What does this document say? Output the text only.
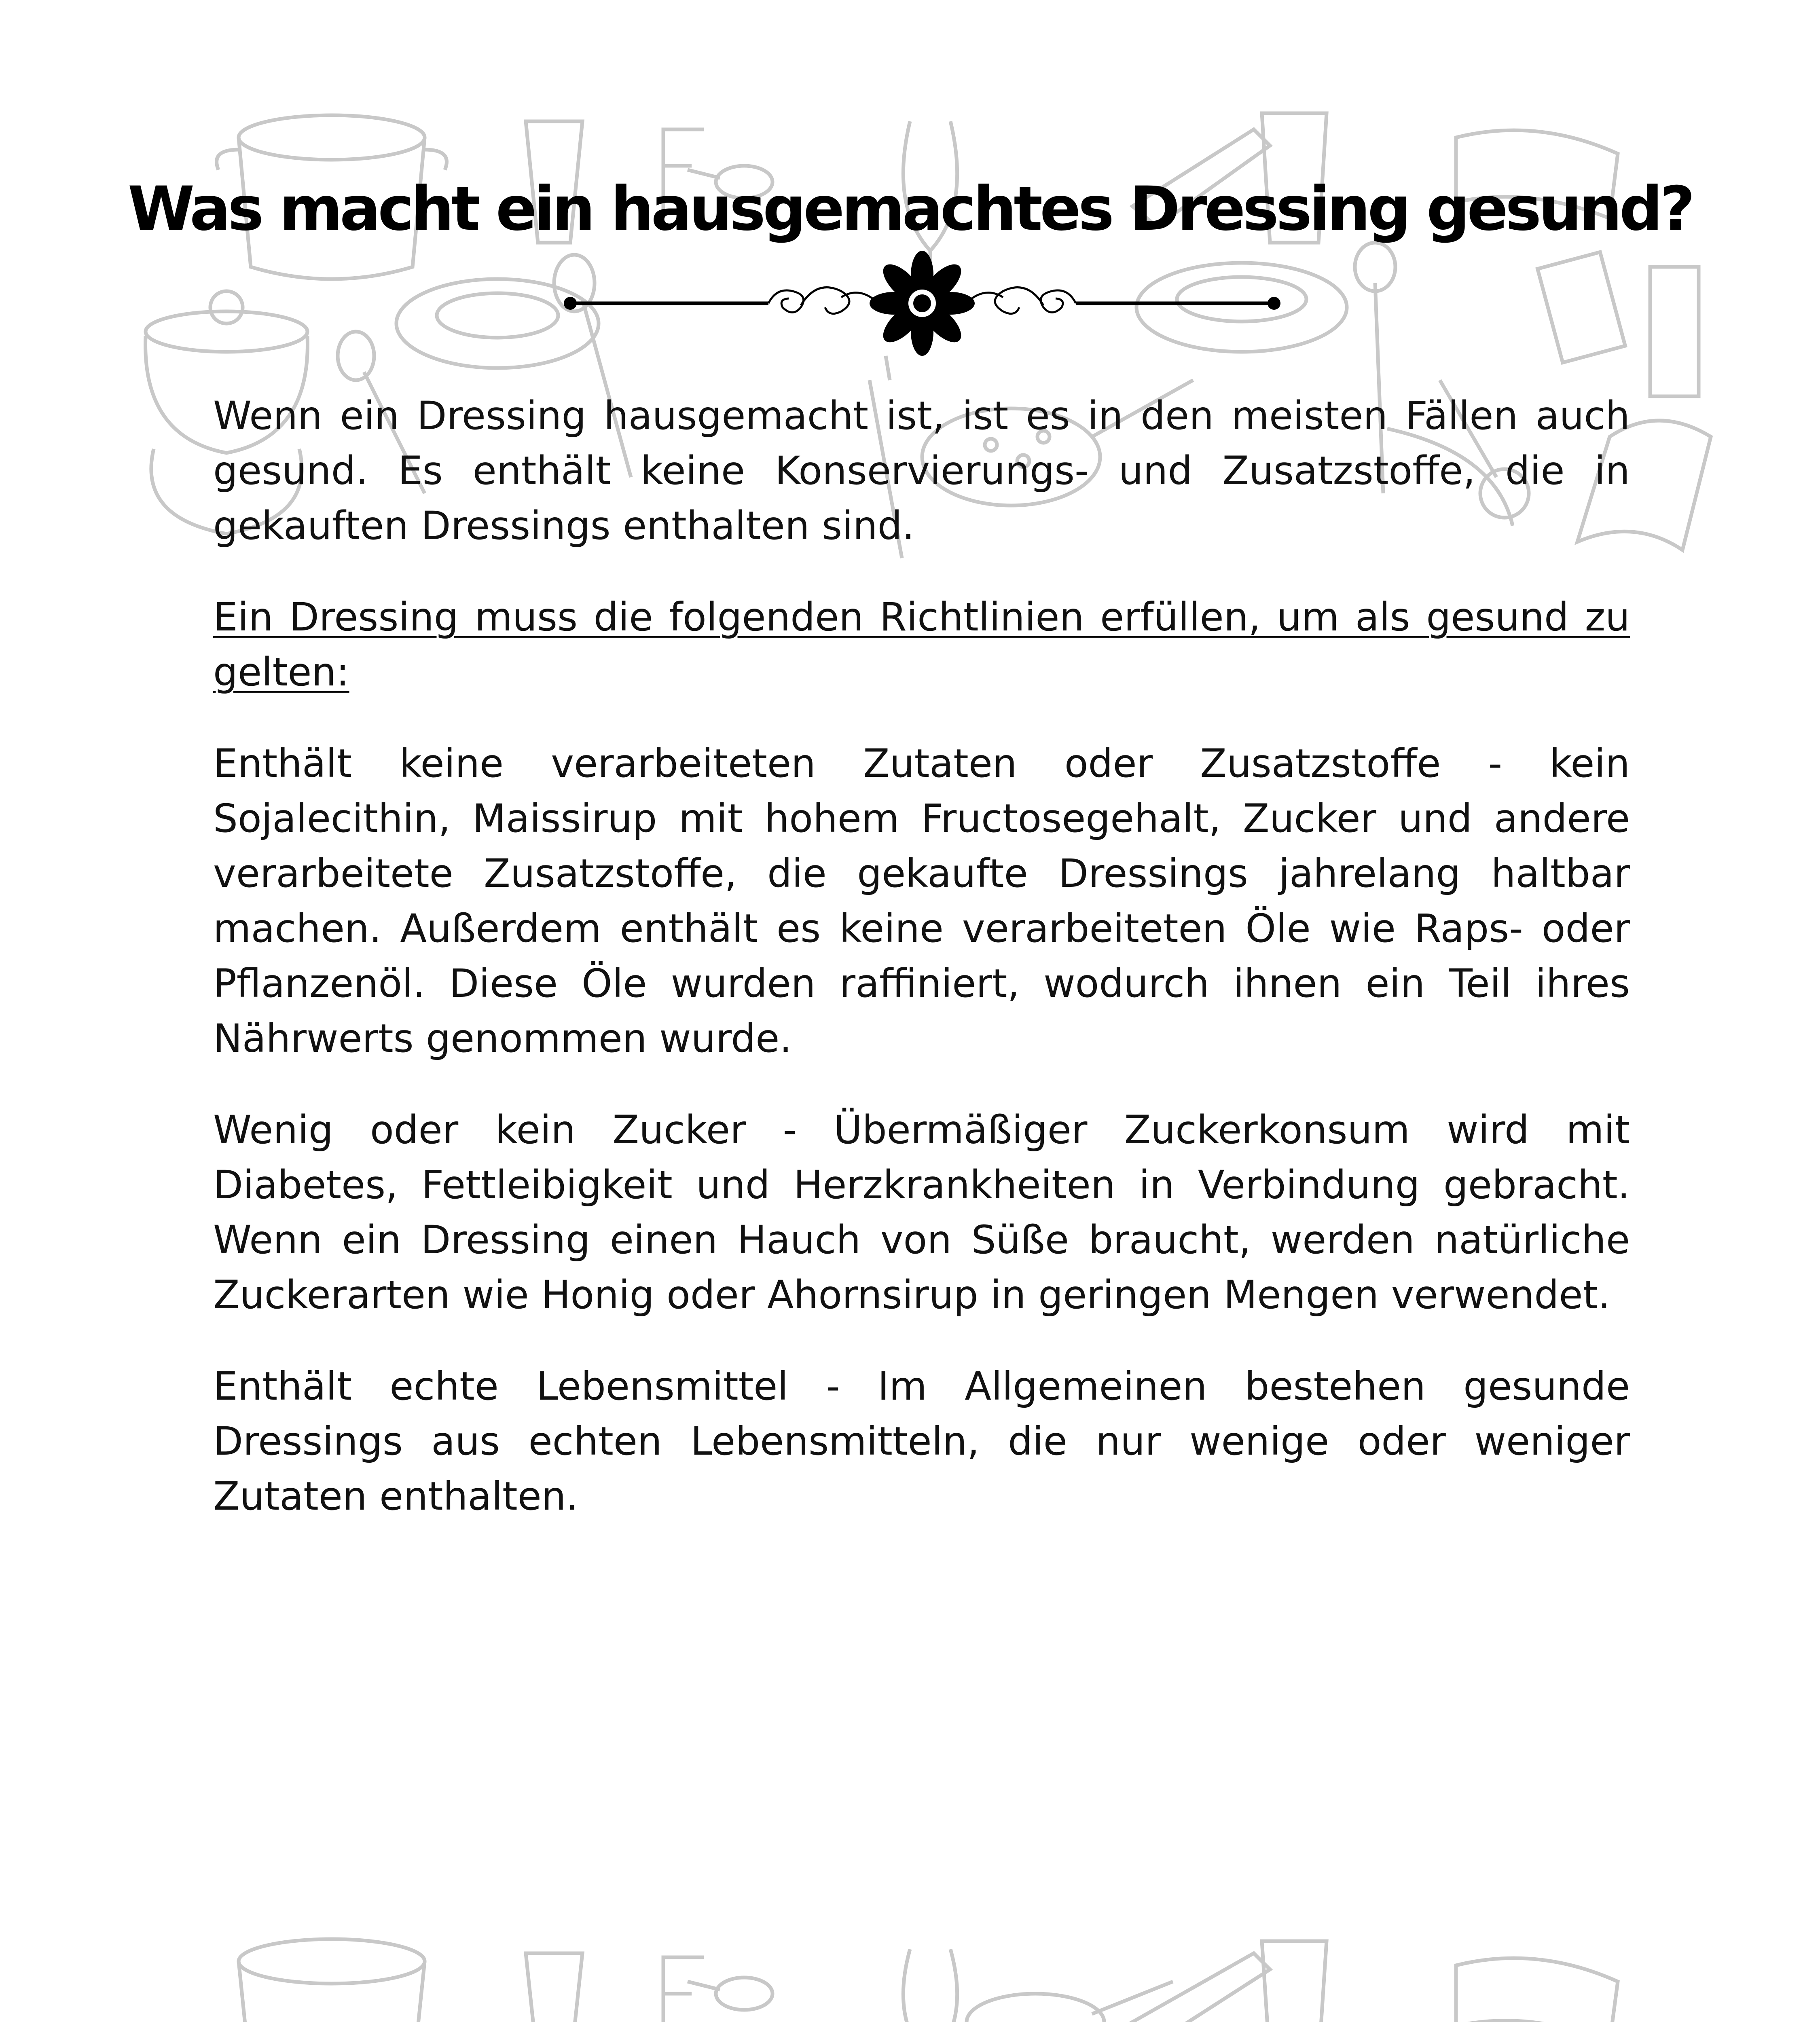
Was macht ein hausgemachtes Dressing gesund?

Wenn ein Dressing hausgemacht ist, ist es in den meisten Fällen auch gesund. Es enthält keine Konservierungs- und Zusatzstoffe, die in gekauften Dressings enthalten sind.

Ein Dressing muss die folgenden Richtlinien erfüllen, um als gesund zu gelten:

Enthält keine verarbeiteten Zutaten oder Zusatzstoffe - kein Sojalecithin, Maissirup mit hohem Fructosegehalt, Zucker und andere verarbeitete Zusatzstoffe, die gekaufte Dressings jahrelang haltbar machen. Außerdem enthält es keine verarbeiteten Öle wie Raps- oder Pflanzenöl. Diese Öle wurden raffiniert, wodurch ihnen ein Teil ihres Nährwerts genommen wurde.

Wenig oder kein Zucker - Übermäßiger Zuckerkonsum wird mit Diabetes, Fettleibigkeit und Herzkrankheiten in Verbindung gebracht. Wenn ein Dressing einen Hauch von Süße braucht, werden natürliche Zuckerarten wie Honig oder Ahornsirup in geringen Mengen verwendet.

Enthält echte Lebensmittel - Im Allgemeinen bestehen gesunde Dressings aus echten Lebensmitteln, die nur wenige oder weniger Zutaten enthalten.
